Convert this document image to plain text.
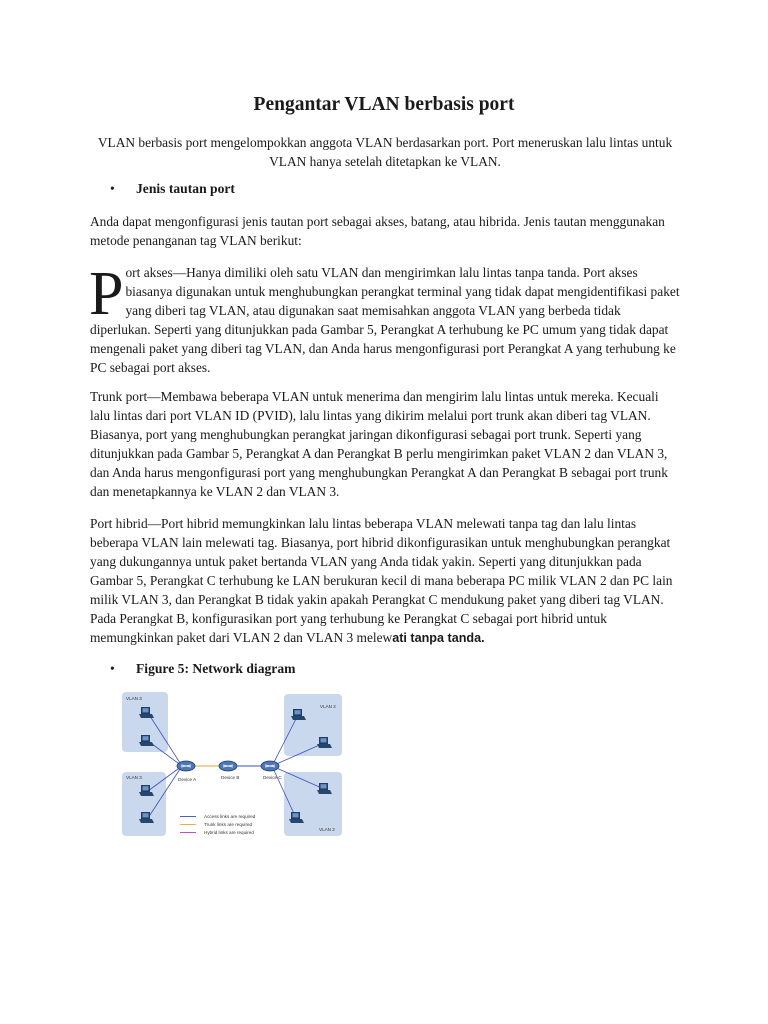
Pengantar VLAN berbasis port

VLAN berbasis port mengelompokkan anggota VLAN berdasarkan port. Port meneruskan lalu lintas untuk VLAN hanya setelah ditetapkan ke VLAN.

• Jenis tautan port

Anda dapat mengonfigurasi jenis tautan port sebagai akses, batang, atau hibrida. Jenis tautan menggunakan metode penanganan tag VLAN berikut:

Port akses—Hanya dimiliki oleh satu VLAN dan mengirimkan lalu lintas tanpa tanda. Port akses biasanya digunakan untuk menghubungkan perangkat terminal yang tidak dapat mengidentifikasi paket yang diberi tag VLAN, atau digunakan saat memisahkan anggota VLAN yang berbeda tidak diperlukan. Seperti yang ditunjukkan pada Gambar 5, Perangkat A terhubung ke PC umum yang tidak dapat mengenali paket yang diberi tag VLAN, dan Anda harus mengonfigurasi port Perangkat A yang terhubung ke PC sebagai port akses.

Trunk port—Membawa beberapa VLAN untuk menerima dan mengirim lalu lintas untuk mereka. Kecuali lalu lintas dari port VLAN ID (PVID), lalu lintas yang dikirim melalui port trunk akan diberi tag VLAN. Biasanya, port yang menghubungkan perangkat jaringan dikonfigurasi sebagai port trunk. Seperti yang ditunjukkan pada Gambar 5, Perangkat A dan Perangkat B perlu mengirimkan paket VLAN 2 dan VLAN 3, dan Anda harus mengonfigurasi port yang menghubungkan Perangkat A dan Perangkat B sebagai port trunk dan menetapkannya ke VLAN 2 dan VLAN 3.

Port hibrid—Port hibrid memungkinkan lalu lintas beberapa VLAN melewati tanpa tag dan lalu lintas beberapa VLAN lain melewati tag. Biasanya, port hibrid dikonfigurasikan untuk menghubungkan perangkat yang dukungannya untuk paket bertanda VLAN yang Anda tidak yakin. Seperti yang ditunjukkan pada Gambar 5, Perangkat C terhubung ke LAN berukuran kecil di mana beberapa PC milik VLAN 2 dan PC lain milik VLAN 3, dan Perangkat B tidak yakin apakah Perangkat C mendukung paket yang diberi tag VLAN. Pada Perangkat B, konfigurasikan port yang terhubung ke Perangkat C sebagai port hibrid untuk memungkinkan paket dari VLAN 2 dan VLAN 3 melewati tanpa tanda.

• Figure 5: Network diagram

VLAN 3
VLAN 2
VLAN 3
VLAN 2
Device A	Device B	Device C
Access links are required
Trunk links are required
Hybrid links are required
